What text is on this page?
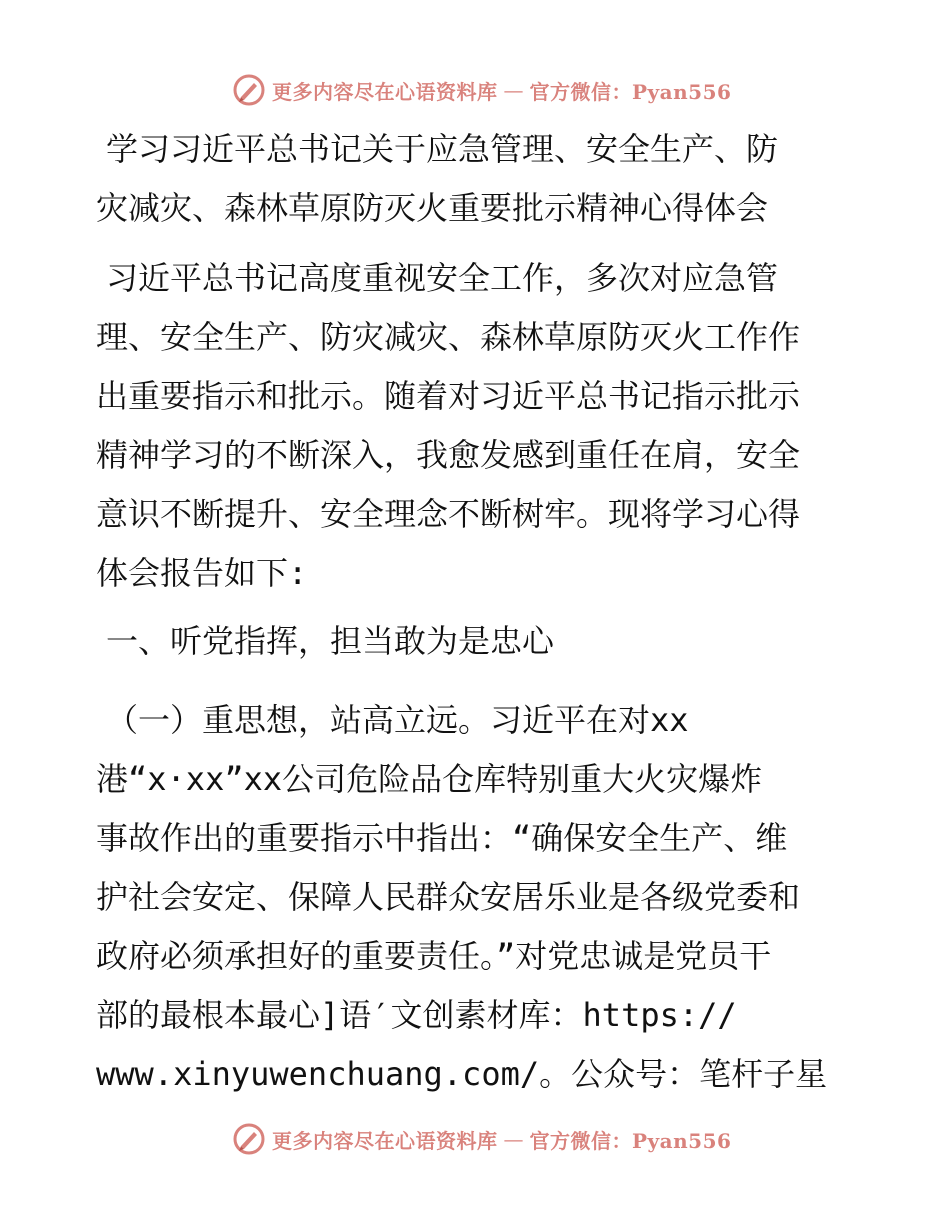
更多内容尽在心语资料库 — 官方微信：Pyan556
学习习近平总书记关于应急管理、安全生产、防
灾减灾、森林草原防灭火重要批示精神心得体会
习近平总书记高度重视安全工作，多次对应急管
理、安全生产、防灾减灾、森林草原防灭火工作作
出重要指示和批示。随着对习近平总书记指示批示
精神学习的不断深入，我愈发感到重任在肩，安全
意识不断提升、安全理念不断树牢。现将学习心得
体会报告如下:
一、听党指挥，担当敢为是忠心
（一）重思想，站高立远。习近平在对xx
港“x·xx”xx公司危险品仓库特别重大火灾爆炸
事故作出的重要指示中指出：“确保安全生产、维
护社会安定、保障人民群众安居乐业是各级党委和
政府必须承担好的重要责任。”对党忠诚是党员干
部的最根本最心]语′文创素材库：https://
www.xinyuwenchuang.com/。公众号：笔杆子星
更多内容尽在心语资料库 — 官方微信：Pyan556
